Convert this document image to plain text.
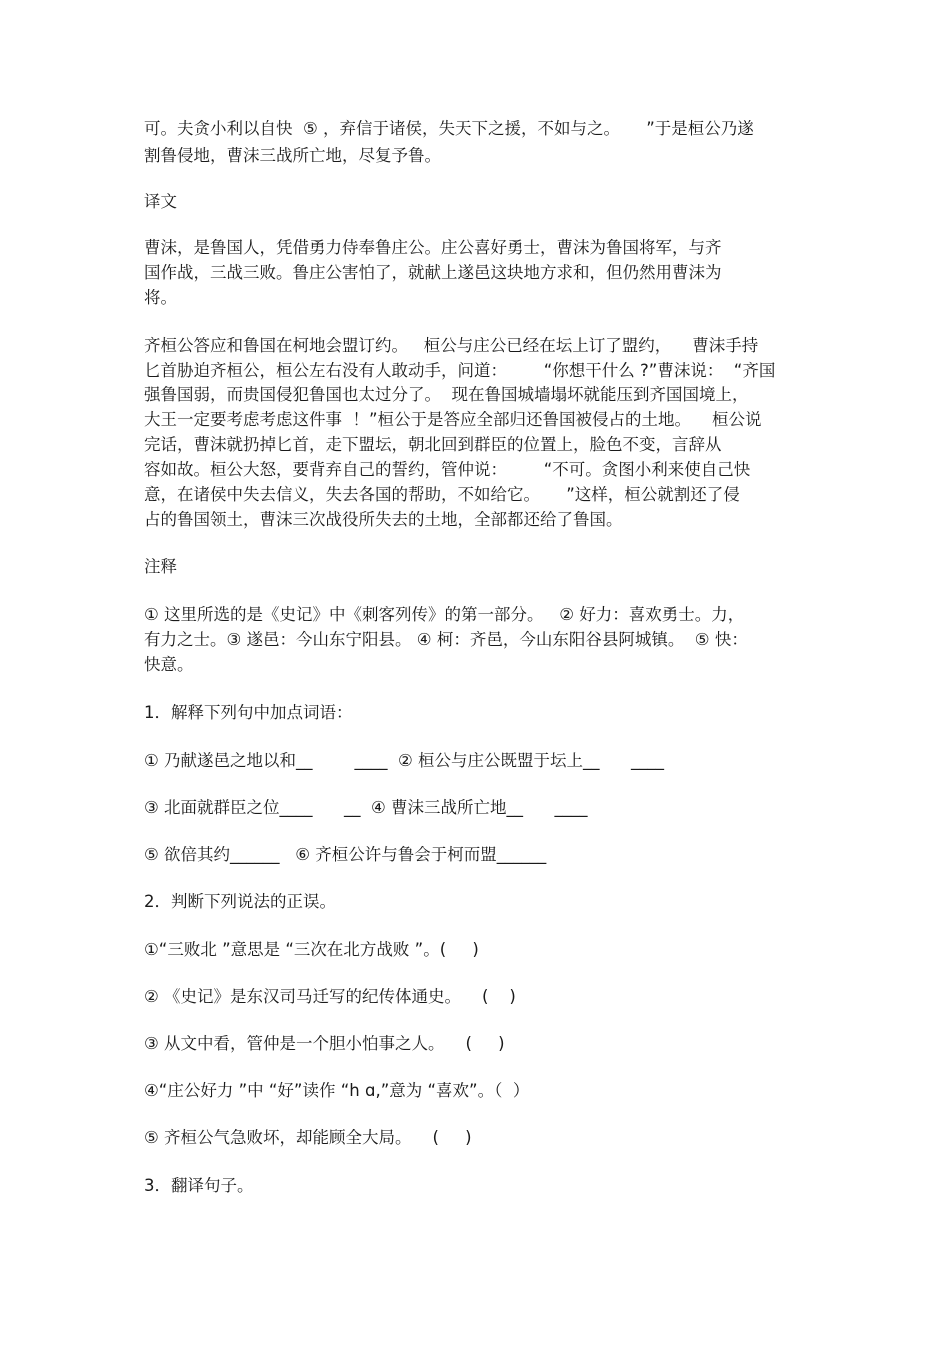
可。夫贪小利以自快  ⑤ ，弃信于诸侯，失天下之援，不如与之。     ”于是桓公乃遂
割鲁侵地，曹沫三战所亡地，尽复予鲁。
译文
曹沫，是鲁国人，凭借勇力侍奉鲁庄公。庄公喜好勇士，曹沫为鲁国将军，与齐
国作战，三战三败。鲁庄公害怕了，就献上遂邑这块地方求和，但仍然用曹沫为
将。
齐桓公答应和鲁国在柯地会盟订约。   桓公与庄公已经在坛上订了盟约，    曹沫手持
匕首胁迫齐桓公，桓公左右没有人敢动手，问道：       “你想干什么 ?”曹沫说：  “齐国
强鲁国弱，而贵国侵犯鲁国也太过分了。  现在鲁国城墙塌坏就能压到齐国国境上，
大王一定要考虑考虑这件事  ！”桓公于是答应全部归还鲁国被侵占的土地。    桓公说
完话，曹沫就扔掉匕首，走下盟坛，朝北回到群臣的位置上，脸色不变，言辞从
容如故。桓公大怒，要背弃自己的誓约，管仲说：       “不可。贪图小利来使自己快
意，在诸侯中失去信义，失去各国的帮助，不如给它。     ”这样，桓公就割还了侵
占的鲁国领土，曹沫三次战役所失去的土地，全部都还给了鲁国。
注释
① 这里所选的是《史记》中《刺客列传》的第一部分。   ② 好力：喜欢勇士。力，
有力之士。③ 遂邑：今山东宁阳县。 ④ 柯：齐邑，今山东阳谷县阿城镇。  ⑤ 快：
快意。
1．解释下列句中加点词语：
① 乃献遂邑之地以和__        ____  ② 桓公与庄公既盟于坛上__      ____
③ 北面就群臣之位____      __  ④ 曹沫三战所亡地__      ____
⑤ 欲倍其约______   ⑥ 齐桓公许与鲁会于柯而盟______
2．判断下列说法的正误。
①“三败北 ”意思是 “三次在北方战败 ”。(     )
② 《史记》是东汉司马迁写的纪传体通史。    (    )
③ 从文中看，管仲是一个胆小怕事之人。    (     )
④“庄公好力 ”中 “好”读作 “h ɑ,”意为 “喜欢”。（  ）
⑤ 齐桓公气急败坏，却能顾全大局。    (     )
3．翻译句子。
